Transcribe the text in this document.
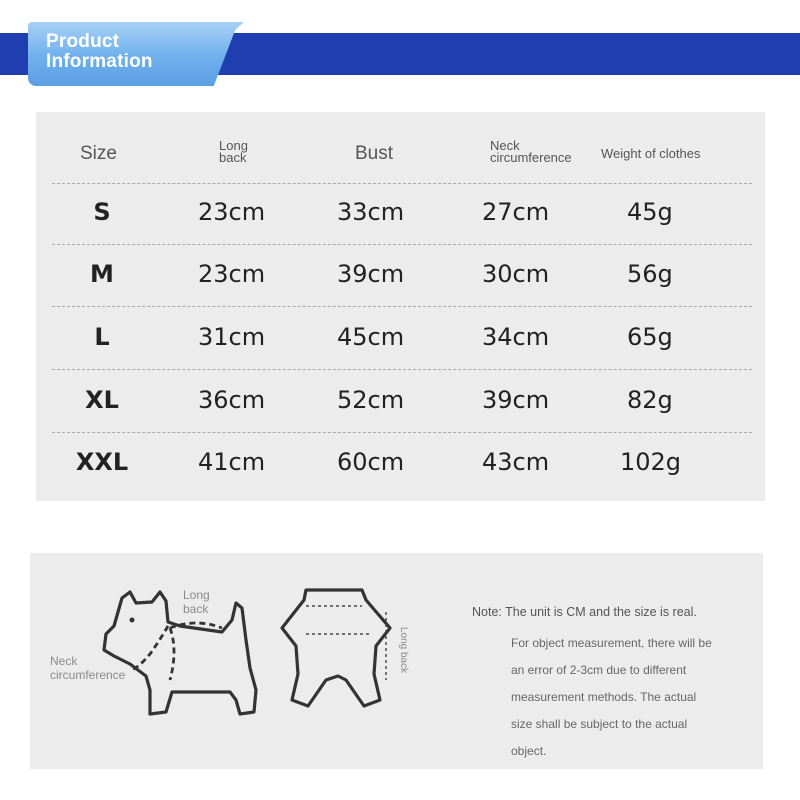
Product Information
Size	Long back	Bust	Neck circumference	Weight of clothes
S	23cm	33cm	27cm	45g
M	23cm	39cm	30cm	56g
L	31cm	45cm	34cm	65g
XL	36cm	52cm	39cm	82g
XXL	41cm	60cm	43cm	102g
Long back
Neck circumference
Long back
Note: The unit is CM and the size is real.
For object measurement, there will be
an error of 2-3cm due to different
measurement methods. The actual
size shall be subject to the actual
object.
